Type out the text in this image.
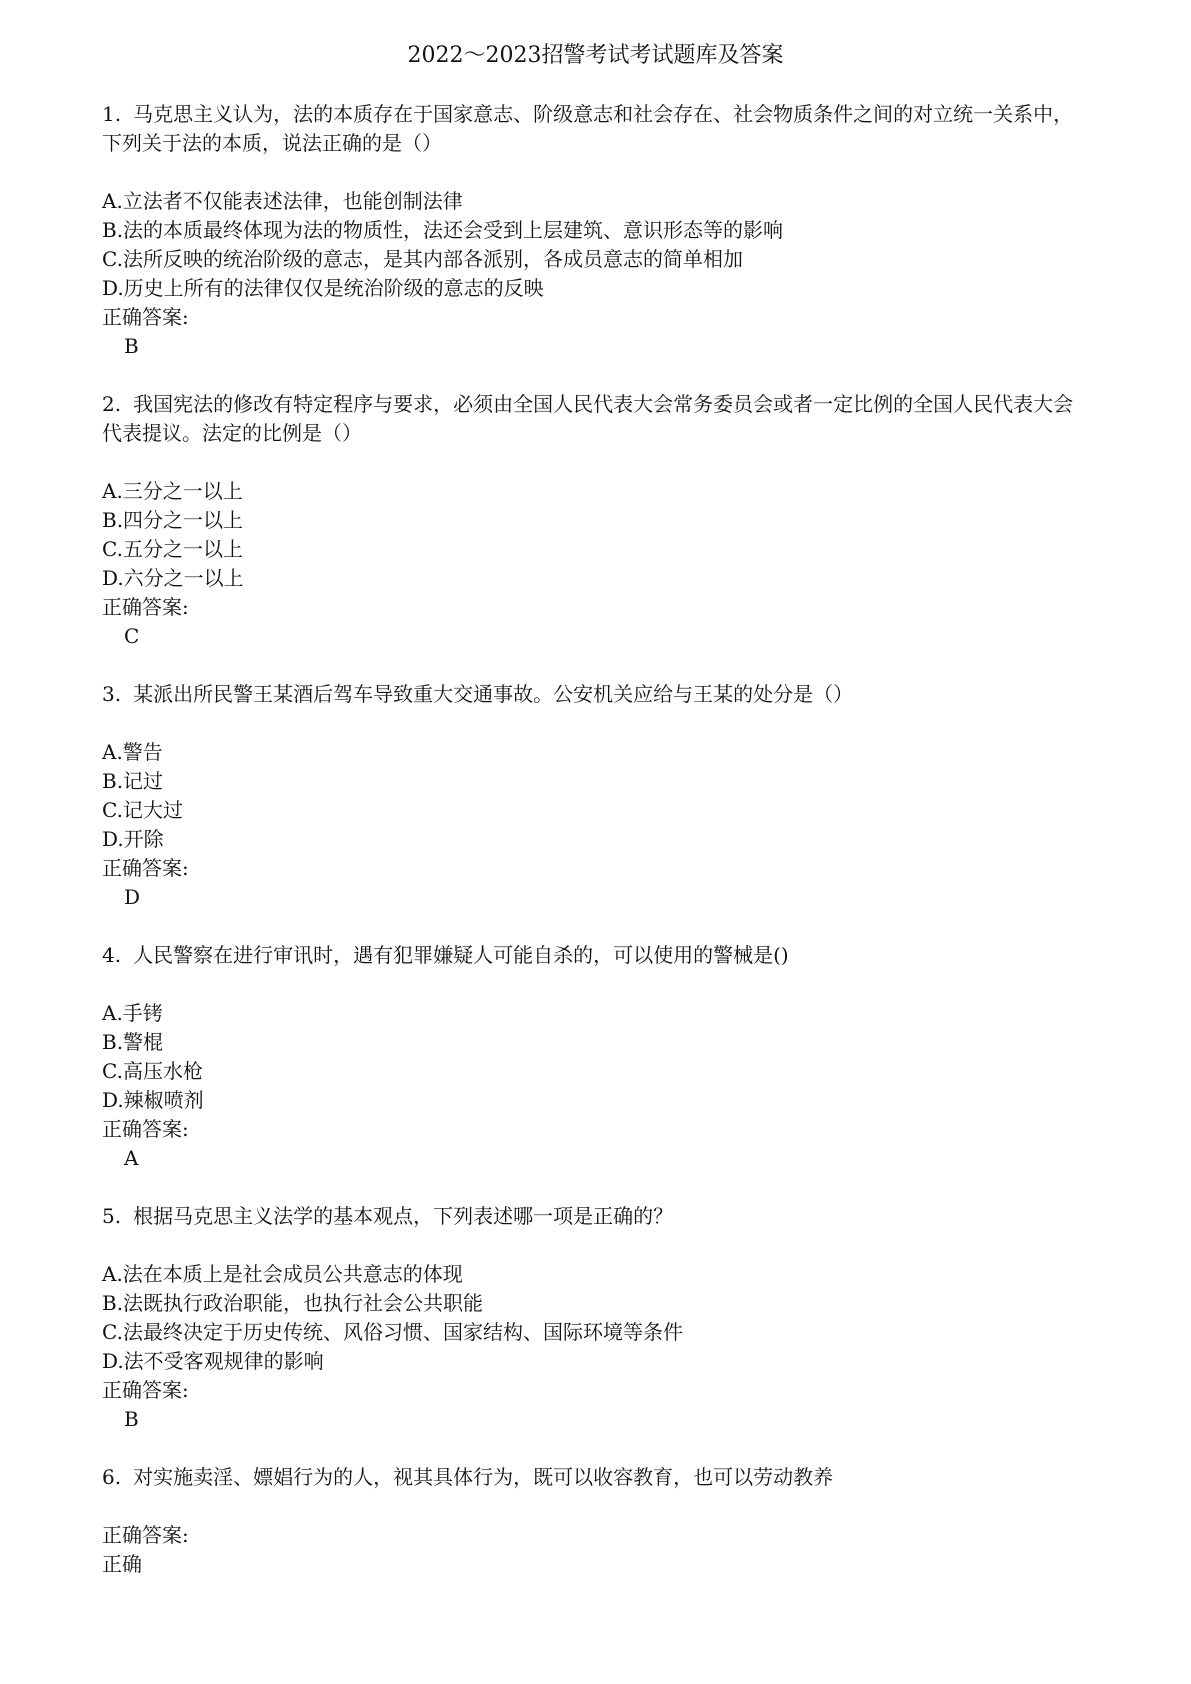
2022～2023招警考试考试题库及答案

1. 马克思主义认为，法的本质存在于国家意志、阶级意志和社会存在、社会物质条件之间的对立统一关系中，下列关于法的本质，说法正确的是（）

A.立法者不仅能表述法律，也能创制法律

B.法的本质最终体现为法的物质性，法还会受到上层建筑、意识形态等的影响

C.法所反映的统治阶级的意志，是其内部各派别，各成员意志的简单相加

D.历史上所有的法律仅仅是统治阶级的意志的反映

正确答案:

B

2. 我国宪法的修改有特定程序与要求，必须由全国人民代表大会常务委员会或者一定比例的全国人民代表大会代表提议。法定的比例是（）

A.三分之一以上

B.四分之一以上

C.五分之一以上

D.六分之一以上

正确答案:

C

3. 某派出所民警王某酒后驾车导致重大交通事故。公安机关应给与王某的处分是（）

A.警告

B.记过

C.记大过

D.开除

正确答案:

D

4. 人民警察在进行审讯时，遇有犯罪嫌疑人可能自杀的，可以使用的警械是()

A.手铐

B.警棍

C.高压水枪

D.辣椒喷剂

正确答案:

A

5. 根据马克思主义法学的基本观点，下列表述哪一项是正确的？

A.法在本质上是社会成员公共意志的体现

B.法既执行政治职能，也执行社会公共职能

C.法最终决定于历史传统、风俗习惯、国家结构、国际环境等条件

D.法不受客观规律的影响

正确答案:

B

6. 对实施卖淫、嫖娼行为的人，视其具体行为，既可以收容教育，也可以劳动教养

正确答案:

正确
